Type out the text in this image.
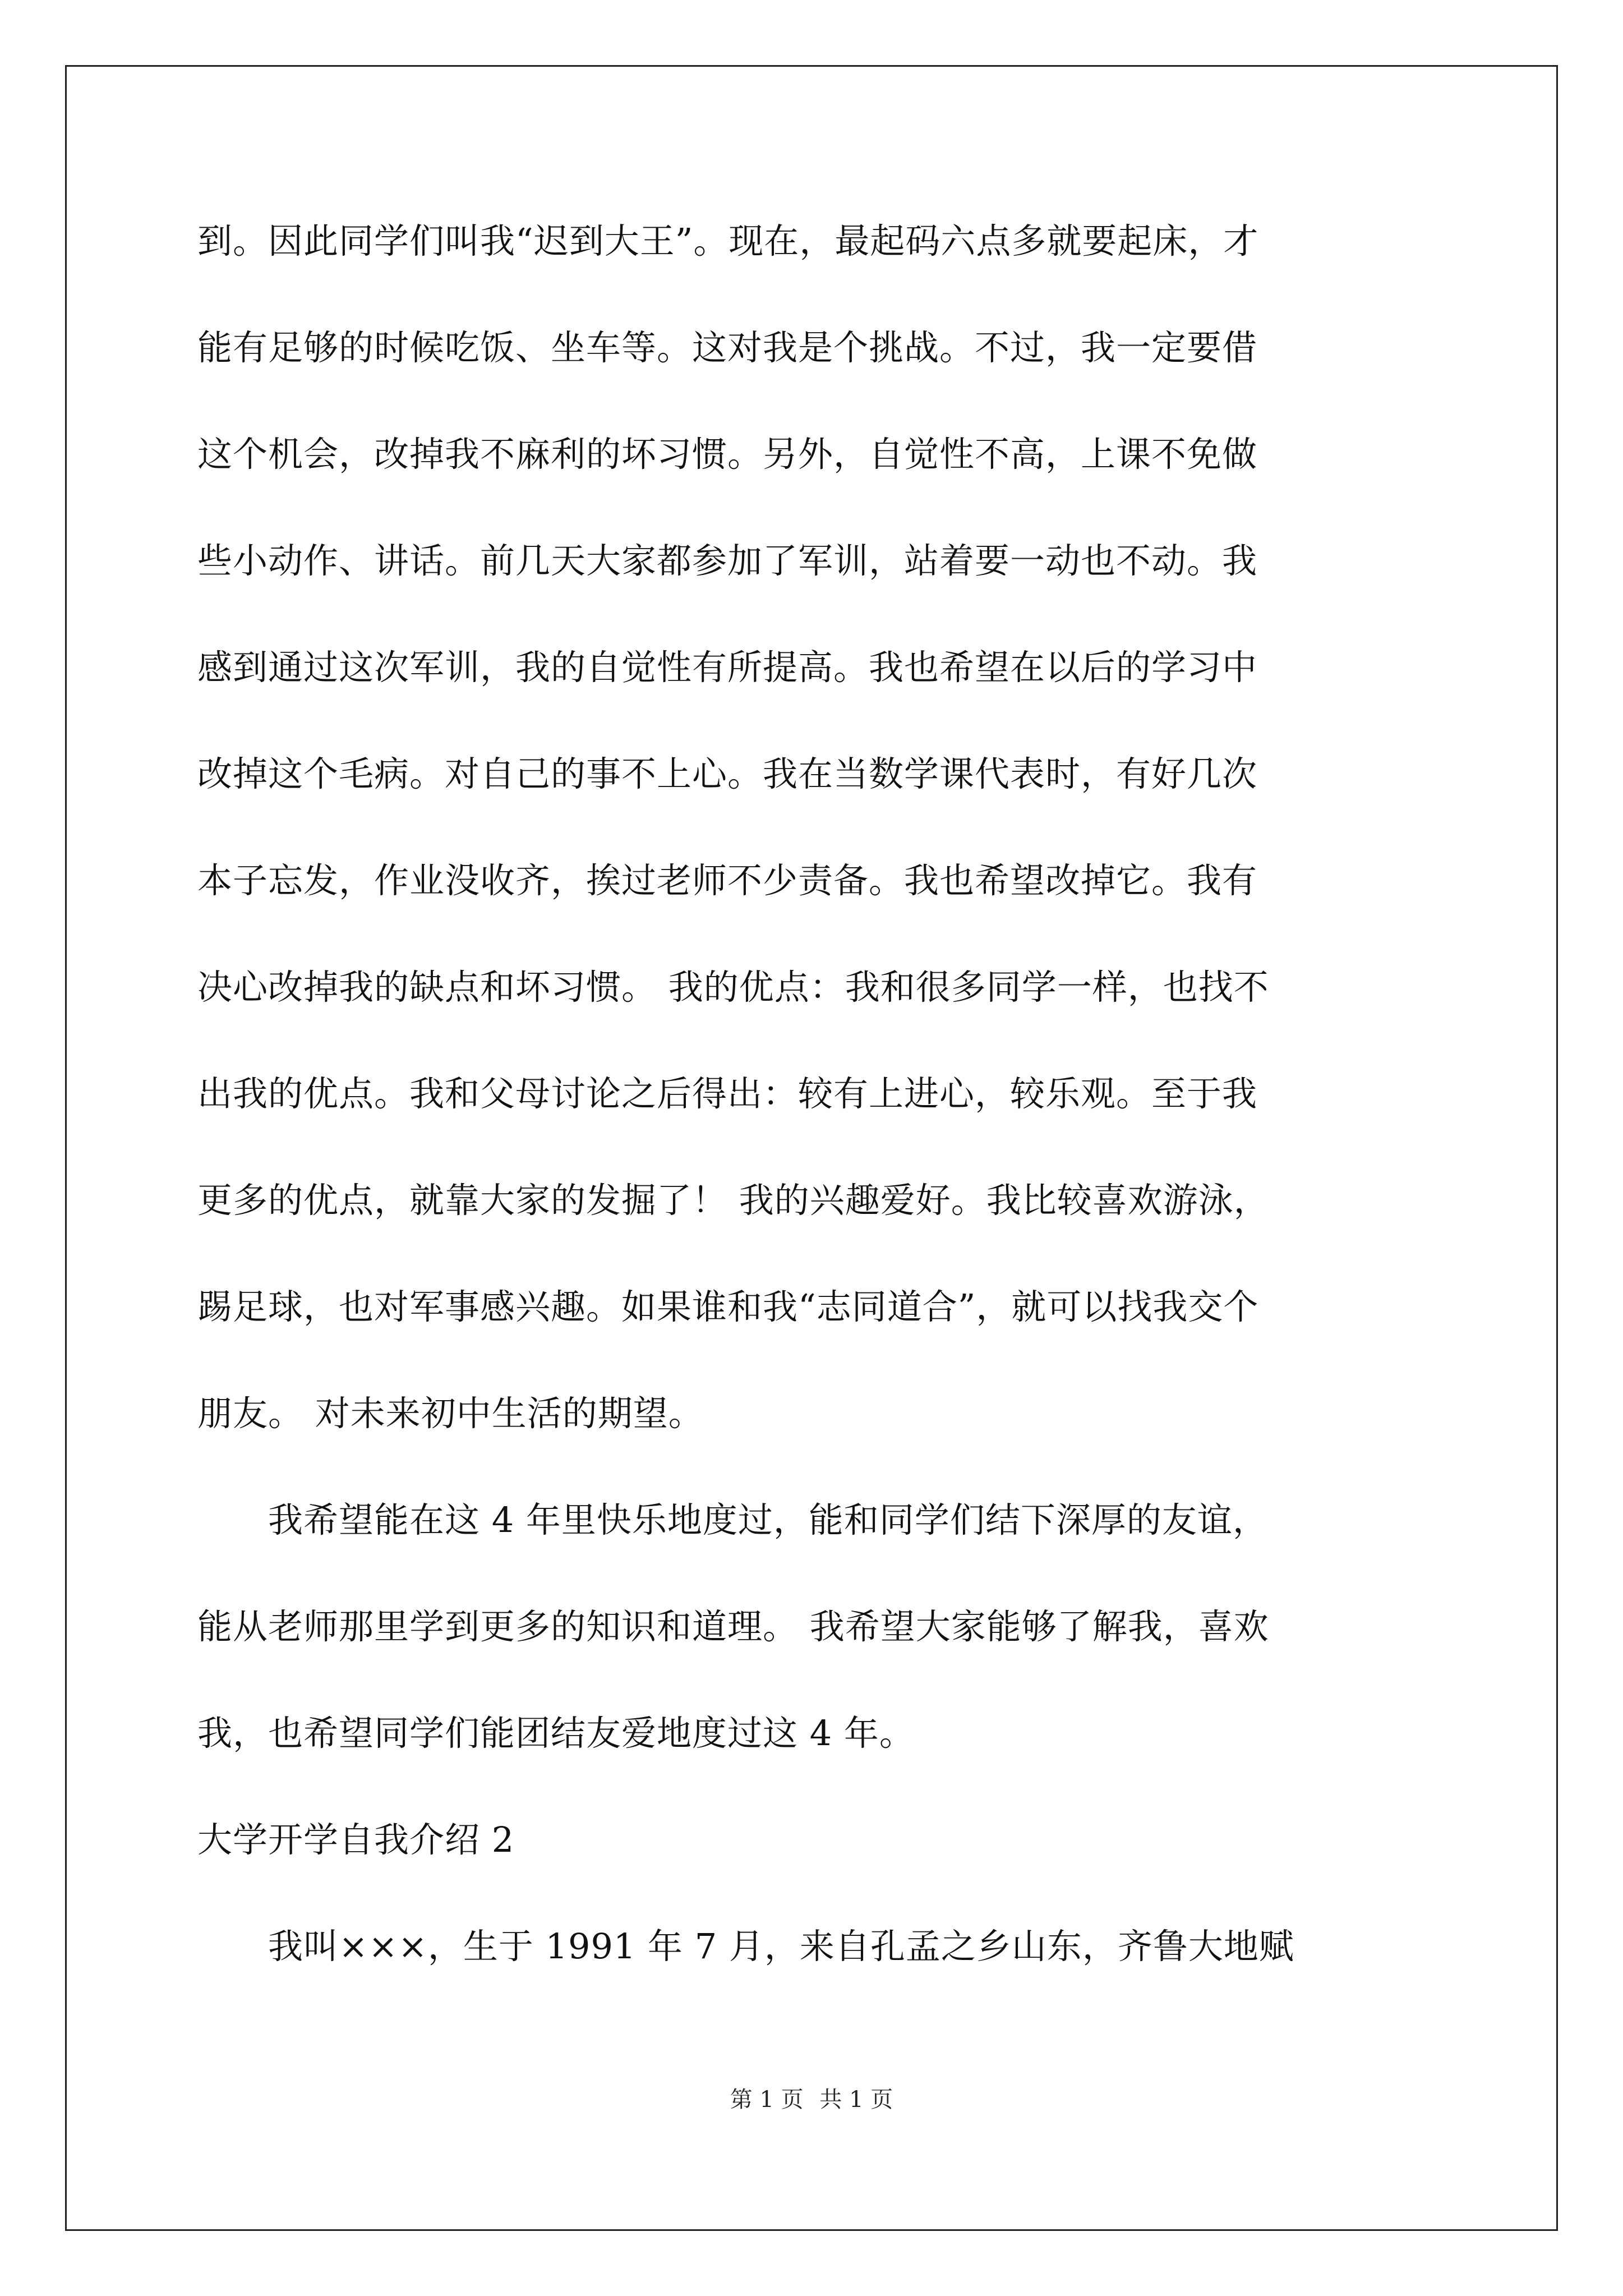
到。因此同学们叫我“迟到大王”。现在，最起码六点多就要起床，才
能有足够的时候吃饭、坐车等。这对我是个挑战。不过，我一定要借
这个机会，改掉我不麻利的坏习惯。另外，自觉性不高，上课不免做
些小动作、讲话。前几天大家都参加了军训，站着要一动也不动。我
感到通过这次军训，我的自觉性有所提高。我也希望在以后的学习中
改掉这个毛病。对自己的事不上心。我在当数学课代表时，有好几次
本子忘发，作业没收齐，挨过老师不少责备。我也希望改掉它。我有
决心改掉我的缺点和坏习惯。 我的优点：我和很多同学一样，也找不
出我的优点。我和父母讨论之后得出：较有上进心，较乐观。至于我
更多的优点，就靠大家的发掘了！ 我的兴趣爱好。我比较喜欢游泳，
踢足球，也对军事感兴趣。如果谁和我“志同道合”，就可以找我交个
朋友。 对未来初中生活的期望。
　　我希望能在这 4 年里快乐地度过，能和同学们结下深厚的友谊，
能从老师那里学到更多的知识和道理。 我希望大家能够了解我，喜欢
我，也希望同学们能团结友爱地度过这 4 年。
大学开学自我介绍 2
　　我叫×××，生于 1991 年 7 月，来自孔孟之乡山东，齐鲁大地赋
第 1 页 共 1 页
